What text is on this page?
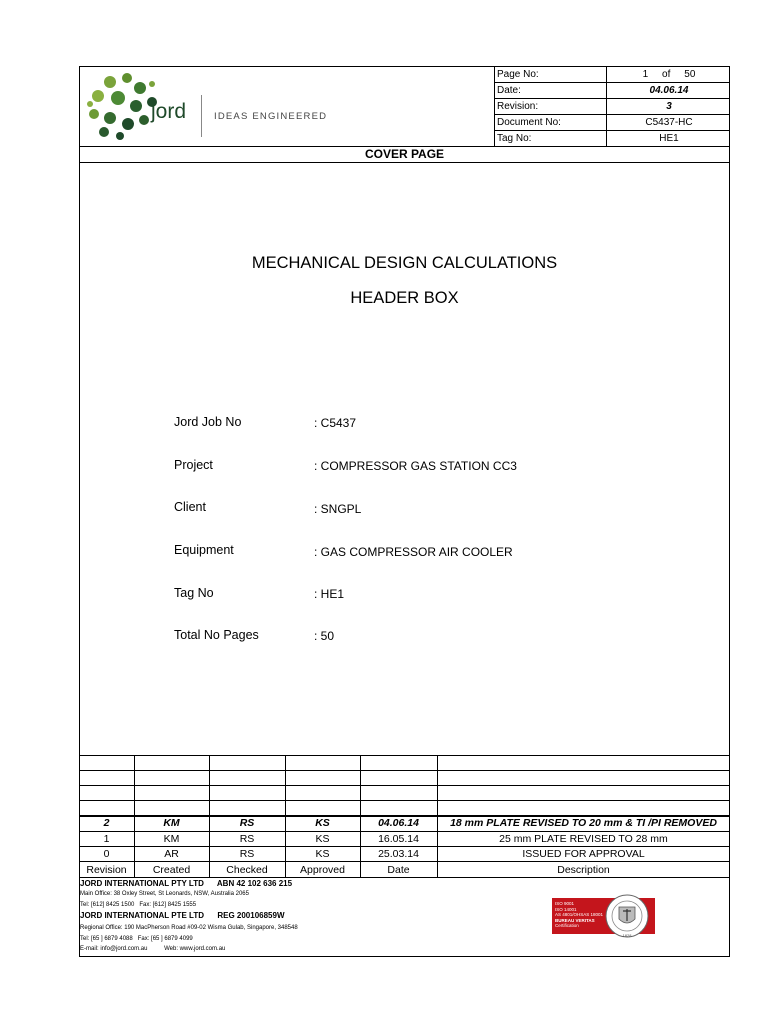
jord	IDEAS ENGINEERED
Page No:	1     of     50
Date:	04.06.14
Revision:	3
Document No:	C5437-HC
Tag No:	HE1
COVER PAGE
MECHANICAL DESIGN CALCULATIONS
HEADER BOX
Jord Job No	: C5437
Project	: COMPRESSOR GAS STATION CC3
Client	: SNGPL
Equipment	: GAS COMPRESSOR AIR COOLER
Tag No	: HE1
Total No Pages	: 50
2	KM	RS	KS	04.06.14	18 mm PLATE REVISED TO 20 mm & TI /PI REMOVED
1	KM	RS	KS	16.05.14	25 mm PLATE REVISED TO 28 mm
0	AR	RS	KS	25.03.14	ISSUED FOR APPROVAL
Revision	Created	Checked	Approved	Date	Description
JORD INTERNATIONAL PTY LTD      ABN 42 102 636 215
Main Office: 38 Oxley Street, St Leonards, NSW, Australia 2065
Tel: [612] 8425 1500   Fax: [612] 8425 1555
JORD INTERNATIONAL PTE LTD      REG 200106859W
Regional Office: 190 MacPherson Road #09-02 Wisma Gulab, Singapore, 348548
Tel: [65 ] 6879 4088   Fax: [65 ] 6879 4099
E-mail: info@jord.com.au          Web: www.jord.com.au
ISO 9001
ISO 14001
AS 4801/OHSAS 18001
BUREAU VERITAS
Certification
1828
